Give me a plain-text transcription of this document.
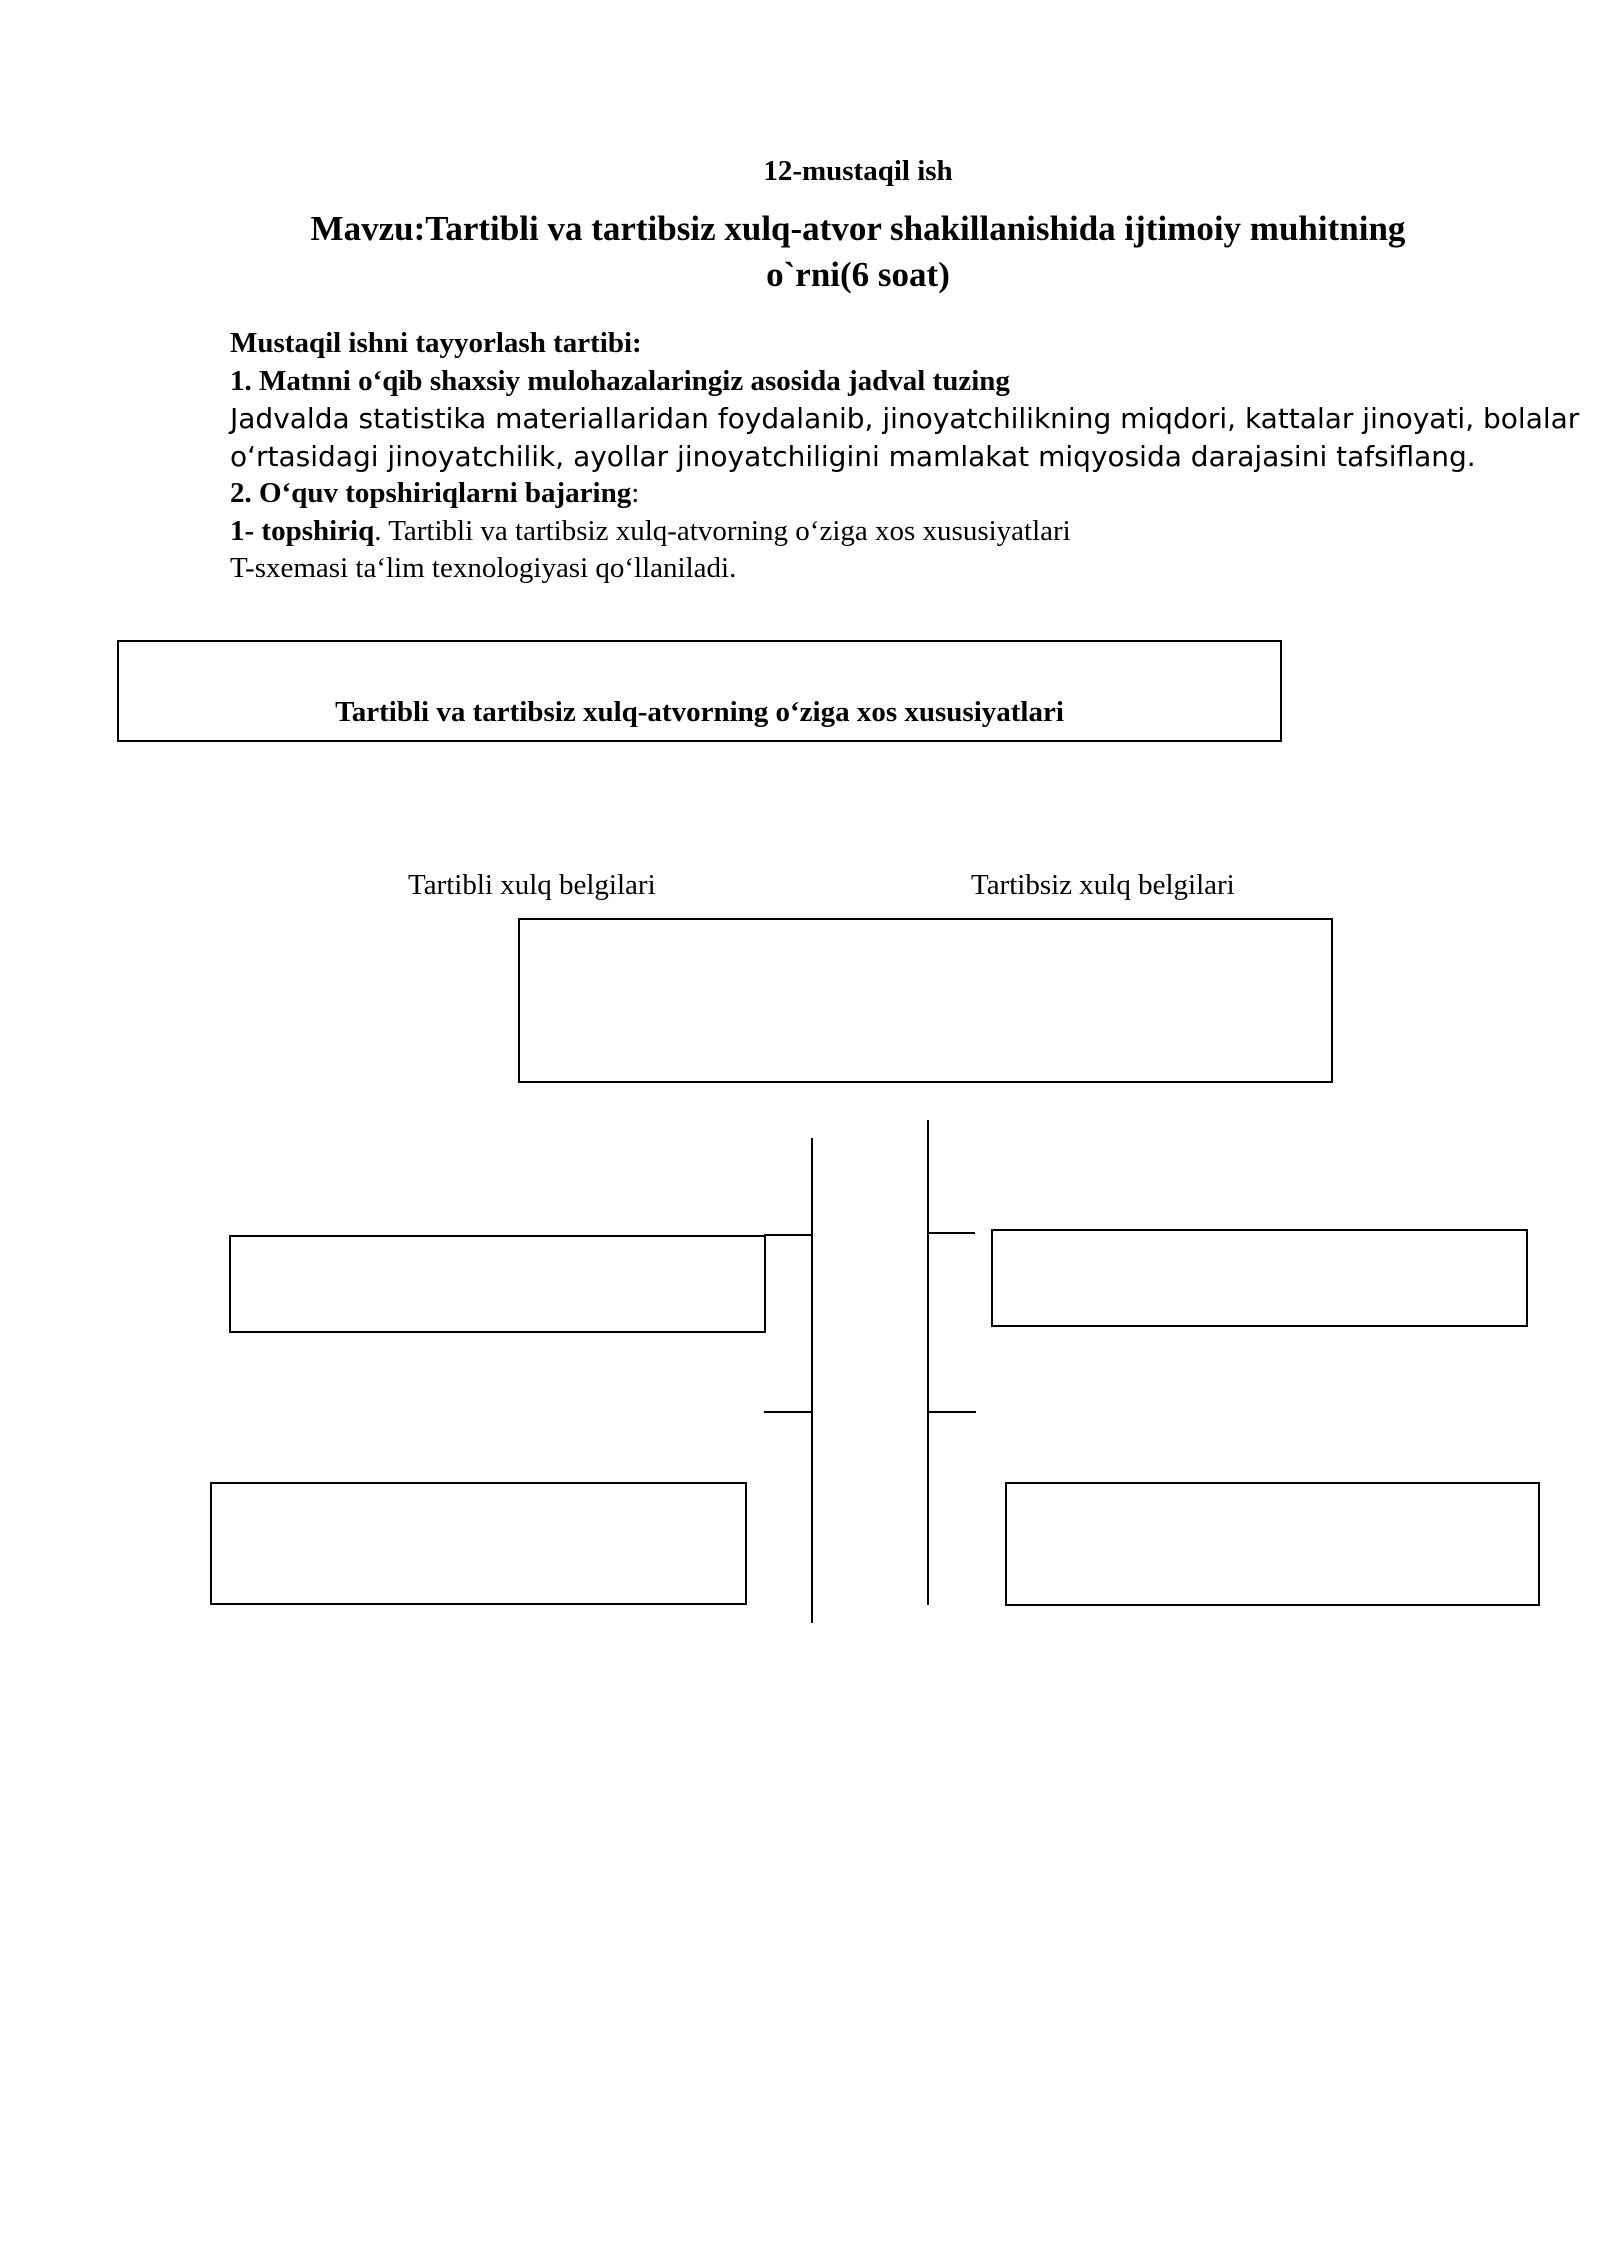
12-mustaqil ish
Mavzu:Tartibli va tartibsiz xulq-atvor shakillanishida ijtimoiy muhitning
o`rni(6 soat)
Mustaqil ishni tayyorlash tartibi:
1. Matnni o‘qib shaxsiy mulohazalaringiz asosida jadval tuzing
Jadvalda statistika materiallaridan foydalanib, jinoyatchilikning miqdori, kattalar jinoyati, bolalar
o‘rtasidagi jinoyatchilik, ayollar jinoyatchiligini mamlakat miqyosida darajasini tafsiflang.
2. O‘quv topshiriqlarni bajaring:
1- topshiriq. Tartibli va tartibsiz xulq-atvorning o‘ziga xos xususiyatlari
T-sxemasi ta‘lim texnologiyasi qo‘llaniladi.
Tartibli va tartibsiz xulq-atvorning o‘ziga xos xususiyatlari
Tartibli xulq belgilari	Tartibsiz xulq belgilari
